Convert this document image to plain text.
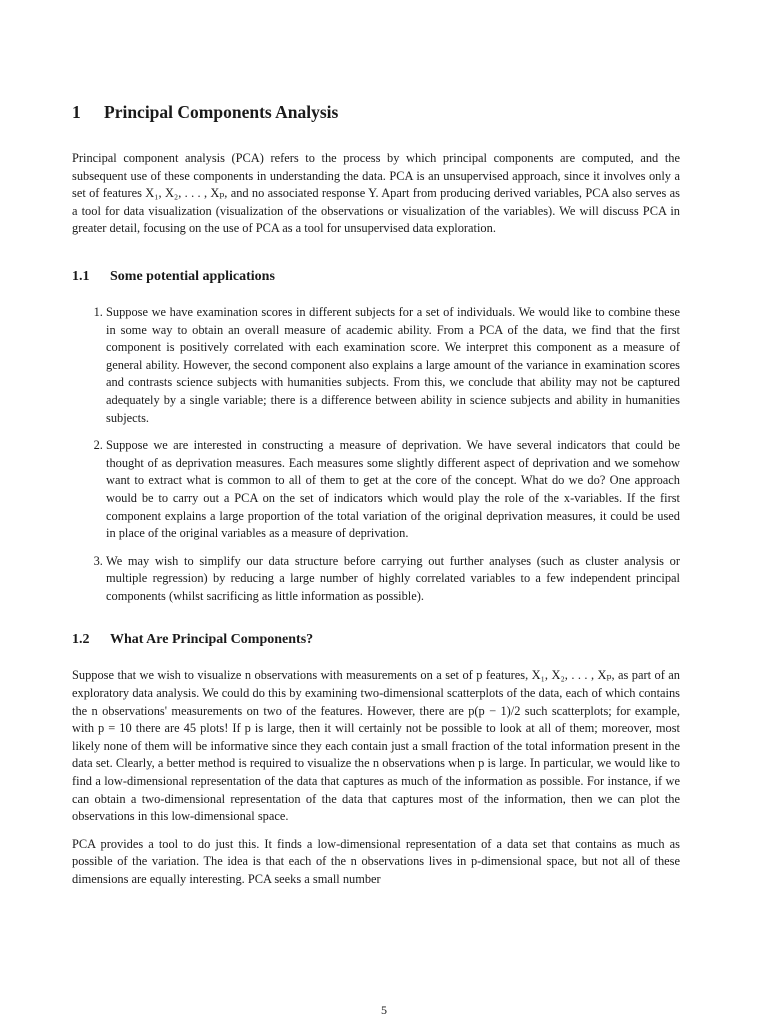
1 Principal Components Analysis

Principal component analysis (PCA) refers to the process by which principal components are computed, and the subsequent use of these components in understanding the data. PCA is an unsupervised approach, since it involves only a set of features X₁, X₂, . . . , Xₚ, and no associated response Y. Apart from producing derived variables, PCA also serves as a tool for data visualization (visualization of the observations or visualization of the variables). We will discuss PCA in greater detail, focusing on the use of PCA as a tool for unsupervised data exploration.

1.1 Some potential applications
1. Suppose we have examination scores in different subjects for a set of individuals. We would like to combine these in some way to obtain an overall measure of academic ability. From a PCA of the data, we find that the first component is positively correlated with each examination score. We interpret this component as a measure of general ability. However, the second component also explains a large amount of the variance in examination scores and contrasts science subjects with humanities subjects. From this, we conclude that ability may not be captured adequately by a single variable; there is a difference between ability in science subjects and ability in humanities subjects.
2. Suppose we are interested in constructing a measure of deprivation. We have several indicators that could be thought of as deprivation measures. Each measures some slightly different aspect of deprivation and we somehow want to extract what is common to all of them to get at the core of the concept. What do we do? One approach would be to carry out a PCA on the set of indicators which would play the role of the x-variables. If the first component explains a large proportion of the total variation of the original deprivation measures, it could be used in place of the original variables as a measure of deprivation.
3. We may wish to simplify our data structure before carrying out further analyses (such as cluster analysis or multiple regression) by reducing a large number of highly correlated variables to a few independent principal components (whilst sacrificing as little information as possible).
1.2 What Are Principal Components?

Suppose that we wish to visualize n observations with measurements on a set of p features, X₁, X₂, . . . , Xₚ, as part of an exploratory data analysis. We could do this by examining two-dimensional scatterplots of the data, each of which contains the n observations' measurements on two of the features. However, there are p(p − 1)/2 such scatterplots; for example, with p = 10 there are 45 plots! If p is large, then it will certainly not be possible to look at all of them; moreover, most likely none of them will be informative since they each contain just a small fraction of the total information present in the data set. Clearly, a better method is required to visualize the n observations when p is large. In particular, we would like to find a low-dimensional representation of the data that captures as much of the information as possible. For instance, if we can obtain a two-dimensional representation of the data that captures most of the information, then we can plot the observations in this low-dimensional space.

PCA provides a tool to do just this. It finds a low-dimensional representation of a data set that contains as much as possible of the variation. The idea is that each of the n observations lives in p-dimensional space, but not all of these dimensions are equally interesting. PCA seeks a small number

5
